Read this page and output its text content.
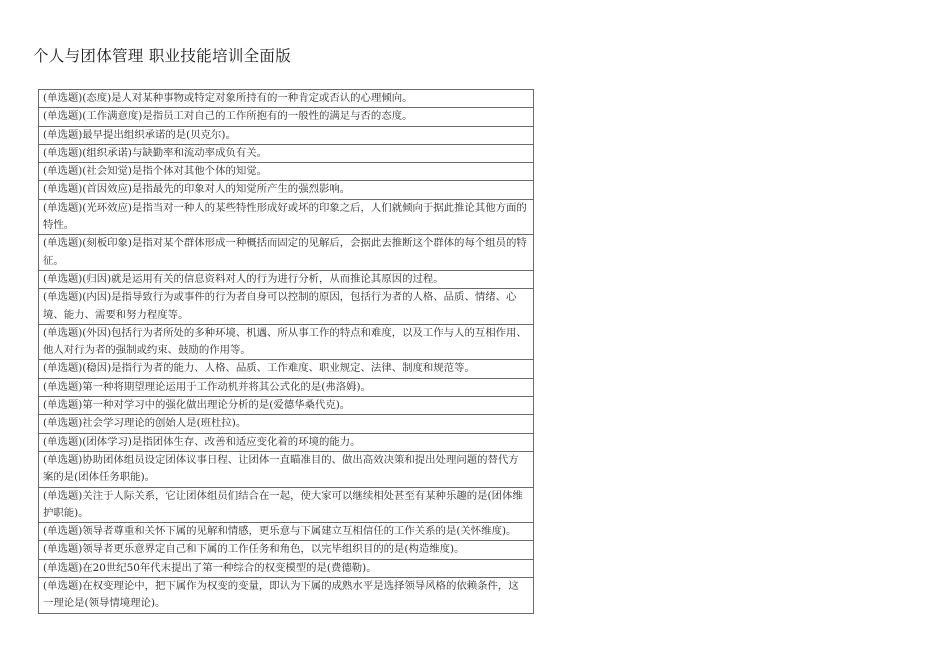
个人与团体管理 职业技能培训全面版
(单选题)(态度)是人对某种事物或特定对象所持有的一种肯定或否认的心理倾向。
(单选题)(工作满意度)是指员工对自己的工作所抱有的一般性的满足与否的态度。
(单选题)最早提出组织承诺的是(贝克尔)。
(单选题)(组织承诺)与缺勤率和流动率成负有关。
(单选题)(社会知觉)是指个体对其他个体的知觉。
(单选题)(首因效应)是指最先的印象对人的知觉所产生的强烈影响。
(单选题)(光环效应)是指当对一种人的某些特性形成好或坏的印象之后，人们就倾向于据此推论其他方面的特性。
(单选题)(刻板印象)是指对某个群体形成一种概括而固定的见解后，会据此去推断这个群体的每个组员的特征。
(单选题)(归因)就是运用有关的信息资料对人的行为进行分析，从而推论其原因的过程。
(单选题)(内因)是指导致行为或事件的行为者自身可以控制的原因，包括行为者的人格、品质、情绪、心境、能力、需要和努力程度等。
(单选题)(外因)包括行为者所处的多种环境、机遇、所从事工作的特点和难度，以及工作与人的互相作用、他人对行为者的强制或约束、鼓励的作用等。
(单选题)(稳因)是指行为者的能力、人格、品质、工作难度、职业规定、法律、制度和规范等。
(单选题)第一种将期望理论运用于工作动机并将其公式化的是(弗洛姆)。
(单选题)第一种对学习中的强化做出理论分析的是(爱德华桑代克)。
(单选题)社会学习理论的创始人是(班杜拉)。
(单选题)(团体学习)是指团体生存、改善和适应变化着的环境的能力。
(单选题)协助团体组员设定团体议事日程、让团体一直瞄准目的、做出高效决策和提出处理问题的替代方案的是(团体任务职能)。
(单选题)关注于人际关系，它让团体组员们结合在一起，使大家可以继续相处甚至有某种乐趣的是(团体维护职能)。
(单选题)领导者尊重和关怀下属的见解和情感，更乐意与下属建立互相信任的工作关系的是(关怀维度)。
(单选题)领导者更乐意界定自己和下属的工作任务和角色，以完毕组织目的的是(构造维度)。
(单选题)在20世纪50年代末提出了第一种综合的权变模型的是(费德勒)。
(单选题)在权变理论中，把下属作为权变的变量，即认为下属的成熟水平是选择领导风格的依赖条件，这一理论是(领导情境理论)。
